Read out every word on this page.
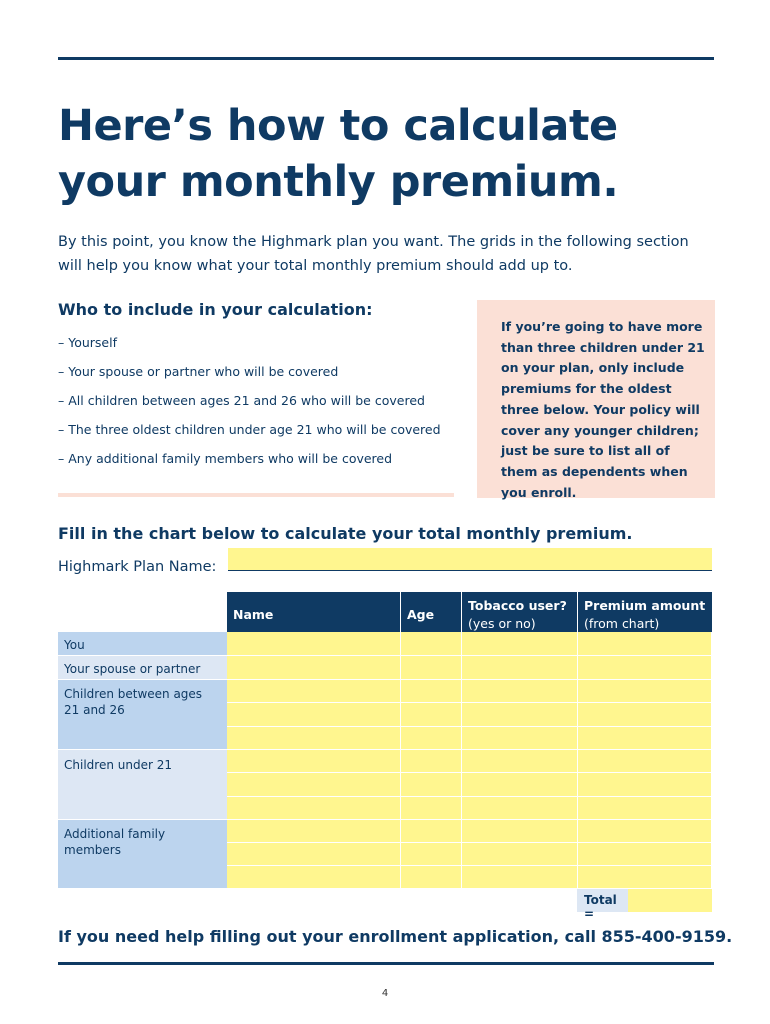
Here’s how to calculate
your monthly premium.

By this point, you know the Highmark plan you want. The grids in the following section will help you know what your total monthly premium should add up to.

Who to include in your calculation:
– Yourself
– Your spouse or partner who will be covered
– All children between ages 21 and 26 who will be covered
– The three oldest children under age 21 who will be covered
– Any additional family members who will be covered
If you’re going to have more than three children under 21 on your plan, only include premiums for the oldest three below. Your policy will cover any younger children; just be sure to list all of them as dependents when you enroll.
Fill in the chart below to calculate your total monthly premium.
Highmark Plan Name:
Name	Age
Tobacco user?
(yes or no)
Premium amount
(from chart)
You
Your spouse or partner
Children between ages 21 and 26
Children under 21
Additional family members
Total =
If you need help filling out your enrollment application, call 855-400-9159.
4
